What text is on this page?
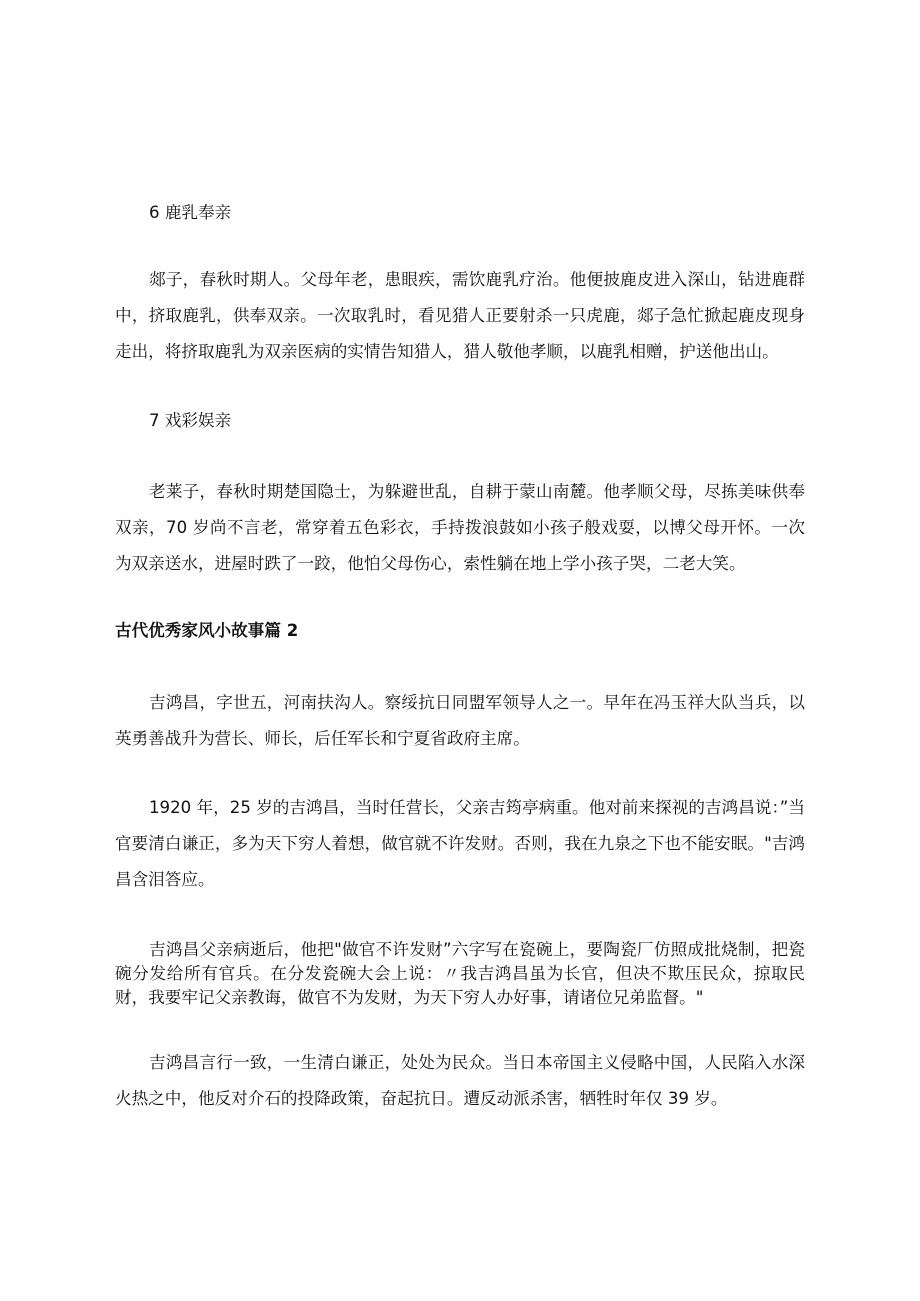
6 鹿乳奉亲

郯子，春秋时期人。父母年老，患眼疾，需饮鹿乳疗治。他便披鹿皮进入深山，钻进鹿群中，挤取鹿乳，供奉双亲。一次取乳时，看见猎人正要射杀一只虎鹿，郯子急忙掀起鹿皮现身走出，将挤取鹿乳为双亲医病的实情告知猎人，猎人敬他孝顺，以鹿乳相赠，护送他出山。

7 戏彩娱亲

老莱子，春秋时期楚国隐士，为躲避世乱，自耕于蒙山南麓。他孝顺父母，尽拣美味供奉双亲，70 岁尚不言老，常穿着五色彩衣，手持拨浪鼓如小孩子般戏耍，以博父母开怀。一次为双亲送水，进屋时跌了一跤，他怕父母伤心，索性躺在地上学小孩子哭，二老大笑。

古代优秀家风小故事篇 2

吉鸿昌，字世五，河南扶沟人。察绥抗日同盟军领导人之一。早年在冯玉祥大队当兵，以英勇善战升为营长、师长，后任军长和宁夏省政府主席。

1920 年，25 岁的吉鸿昌，当时任营长，父亲吉筠亭病重。他对前来探视的吉鸿昌说：”当官要清白谦正，多为天下穷人着想，做官就不许发财。否则，我在九泉之下也不能安眠。"吉鸿昌含泪答应。

吉鸿昌父亲病逝后，他把"做官不许发财”六字写在瓷碗上，要陶瓷厂仿照成批烧制，把瓷碗分发给所有官兵。在分发瓷碗大会上说：〃我吉鸿昌虽为长官，但决不欺压民众，掠取民财，我要牢记父亲教诲，做官不为发财，为天下穷人办好事，请诸位兄弟监督。"

吉鸿昌言行一致，一生清白谦正，处处为民众。当日本帝国主义侵略中国，人民陷入水深火热之中，他反对介石的投降政策，奋起抗日。遭反动派杀害，牺牲时年仅 39 岁。
